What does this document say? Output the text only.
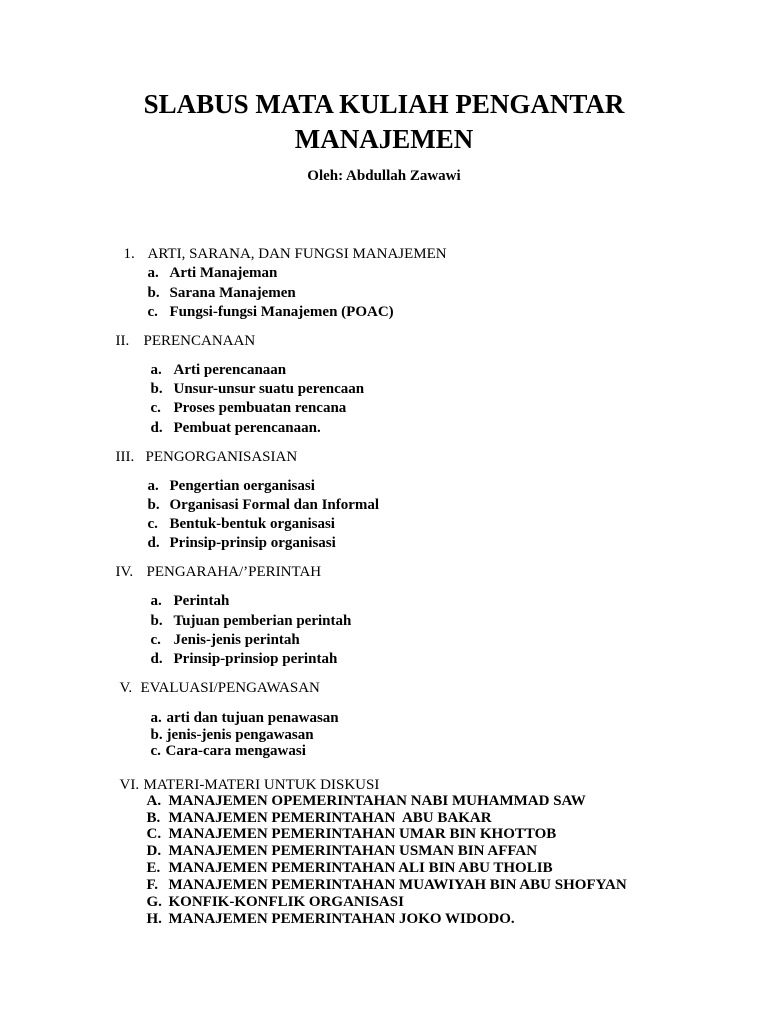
SLABUS MATA KULIAH PENGANTAR
MANAJEMEN
Oleh: Abdullah Zawawi

1. ARTI, SARANA, DAN FUNGSI MANAJEMEN

a. Arti Manajeman

b. Sarana Manajemen

c. Fungsi-fungsi Manajemen (POAC)

II. PERENCANAAN

a. Arti perencanaan

b. Unsur-unsur suatu perencaan

c. Proses pembuatan rencana

d. Pembuat perencanaan.

III. PENGORGANISASIAN

a. Pengertian oerganisasi

b. Organisasi Formal dan Informal

c. Bentuk-bentuk organisasi

d. Prinsip-prinsip organisasi

IV. PENGARAHA/’PERINTAH

a. Perintah

b. Tujuan pemberian perintah

c. Jenis-jenis perintah

d. Prinsip-prinsiop perintah

V. EVALUASI/PENGAWASAN

a. arti dan tujuan penawasan

b. jenis-jenis pengawasan

c. Cara-cara mengawasi

VI. MATERI-MATERI UNTUK DISKUSI

A. MANAJEMEN OPEMERINTAHAN NABI MUHAMMAD SAW

B. MANAJEMEN PEMERINTAHAN  ABU BAKAR

C. MANAJEMEN PEMERINTAHAN UMAR BIN KHOTTOB

D. MANAJEMEN PEMERINTAHAN USMAN BIN AFFAN

E. MANAJEMEN PEMERINTAHAN ALI BIN ABU THOLIB

F. MANAJEMEN PEMERINTAHAN MUAWIYAH BIN ABU SHOFYAN

G. KONFIK-KONFLIK ORGANISASI

H. MANAJEMEN PEMERINTAHAN JOKO WIDODO.
